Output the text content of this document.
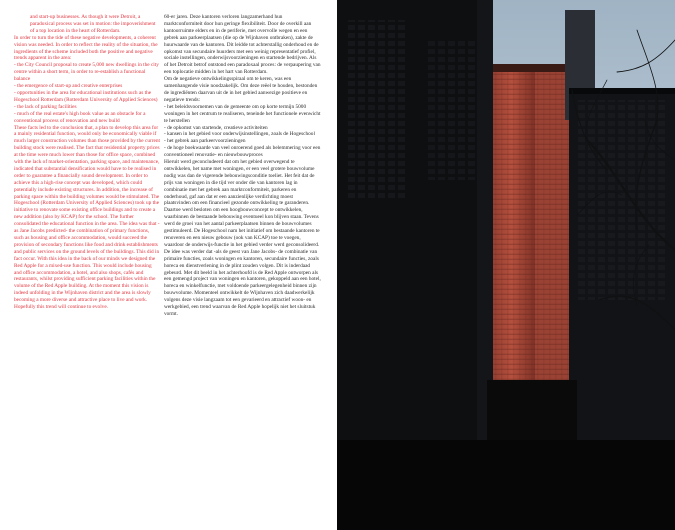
and start-up businesses. As though it were Detroit, a paradoxical process was set in motion: the impoverishment of a top location in the heart of Rotterdam.

In order to turn the tide of these negative developments, a coherent vision was needed. In order to reflect the reality of the situation, the ingredients of the scheme included both the positive and negative trends apparent in the area:

- the City Council proposal to create 5,000 new dwellings in the city centre within a short term, in order to re-establish a functional balance

- the emergence of start-up and creative enterprises

- opportunities in the area for educational institutions such as the Hogeschool Rotterdam (Rotterdam University of Applied Sciences)

- the lack of parking facilities

- much of the real estate's high book value as an obstacle for a conventional process of renovation and new build

These facts led to the conclusion that, a plan to develop this area for a mainly residential function, would only be economically viable if much larger construction volumes than those provided by the current building stock were realised. The fact that residential property prices at the time were much lower than those for office space, combined with the lack of market-orientation, parking space, and maintenance, indicated that substantial densification would have to be realised in order to guarantee a financially sound development. In order to achieve this a high-rise concept was developed, which could potentially include existing structures. In addition, the increase of parking space within the building volumes would be stimulated. The Hogeschool (Rotterdam University of Applied Sciences) took up the initiative to renovate some existing office buildings and to create a new addition (also by KCAP) for the school. The further consolidated the educational function in the area. The idea was that -as Jane Jacobs predicted- the combination of primary functions, such as housing and office accommodation, would succeed the provision of secondary functions like food and drink establishments and public services on the ground levels of the buildings. This did in fact occur. With this idea in the back of our minds we designed the Red Apple for a mixed-use function. This would include housing and office accommodation, a hotel, and also shops, cafés and restaurants, whilst providing sufficient parking facilities within the volume of the Red Apple building. At the moment this vision is indeed unfolding in the Wijnhaven district and the area is slowly becoming a more diverse and attractive place to live and work. Hopefully this trend will continue to evolve.

60-er jaren. Deze kantoren verloren langzamerhand hun marktconformiteit door hun geringe flexibiliteit. Door de overkill aan kantoorruimte elders en in de periferie, met overvolle wegen en een gebrek aan parkeerplaatsen (die op de Wijnhaven ontbraken), zakte de huurwaarde van de kantoren. Dit leidde tot achterstallig onderhoud en de opkomst van secundaire huurders met een weinig representatief profiel, sociale instellingen, onderwijsvoorzieningen en startende bedrijven. Als of het Detroit betrof ontstond een paradoxaal proces: de verpaupering van een toplocatie midden in het hart van Rotterdam.

Om de negatieve ontwikkelingsspiraal om te keren, was een samenhangende visie noodzakelijk. Om deze reëel te houden, bestonden de ingrediënten daarvan uit de in het gebied aanwezige positieve en negatieve trends:

- het beleidsvoornemen van de gemeente om op korte termijn 5000 woningen in het centrum te realiseren, teneinde het functionele evenwicht te herstellen

- de opkomst van startende, creatieve activiteiten

- kansen in het gebied voor onderwijsinstellingen, zoals de Hogeschool

- het gebrek aan parkeervoorzieningen

- de hoge boekwaarde van veel onroerend goed als belemmering voor een conventioneel renovatie- en nieuwbouwproces

Hieruit werd geconcludeerd dat om het gebied overwegend te ontwikkelen, het name met woningen, er een veel grotere bouwvolume nodig was dan de vigerende bebouwingsconditie toeliet. Het feit dat de prijs van woningen in die tijd ver onder die van kantoren lag in combinatie met het gebrek aan marktconformiteit, parkeren en onderhoud, gaf aan dat er een aanzienlijke verdichting moest plaatsvinden om een financieel gezonde ontwikkeling te garanderen. Daartoe werd besloten om een hoogbouwconcept te ontwikkelen, waarbinnen de bestaande bebouwing eventueel kon blijven staan. Tevens werd de groei van het aantal parkeerplaatsen binnen de bouwvolumes gestimuleerd. De Hogeschool nam het initiatief om bestaande kantoren te renoveren en een nieuw gebouw (ook van KCAP) toe te voegen, waardoor de onderwijs-functie in het gebied verder werd geconsolideerd. De idee was verder dat -als de geest van Jane Jacobs- de combinatie van primaire functies, zoals woningen en kantoren, secundaire functies, zoals horeca en dienstverlening in de plint zouden volgen. Dit is inderdaad gebeurd. Met dit beeld in het achterhoofd is de Red Apple ontworpen als een gemengd project van woningen en kantoren, gekoppeld aan een hotel, horeca en winkelfunctie, met voldoende parkeergelegenheid binnen zijn bouwvolume. Momenteel ontwikkelt de Wijnhaven zich daadwerkelijk volgens deze visie langzaam tot een gevarieerd en attractief woon- en werkgebied, een trend waarvan de Red Apple hopelijk niet het sluitstuk vormt.
